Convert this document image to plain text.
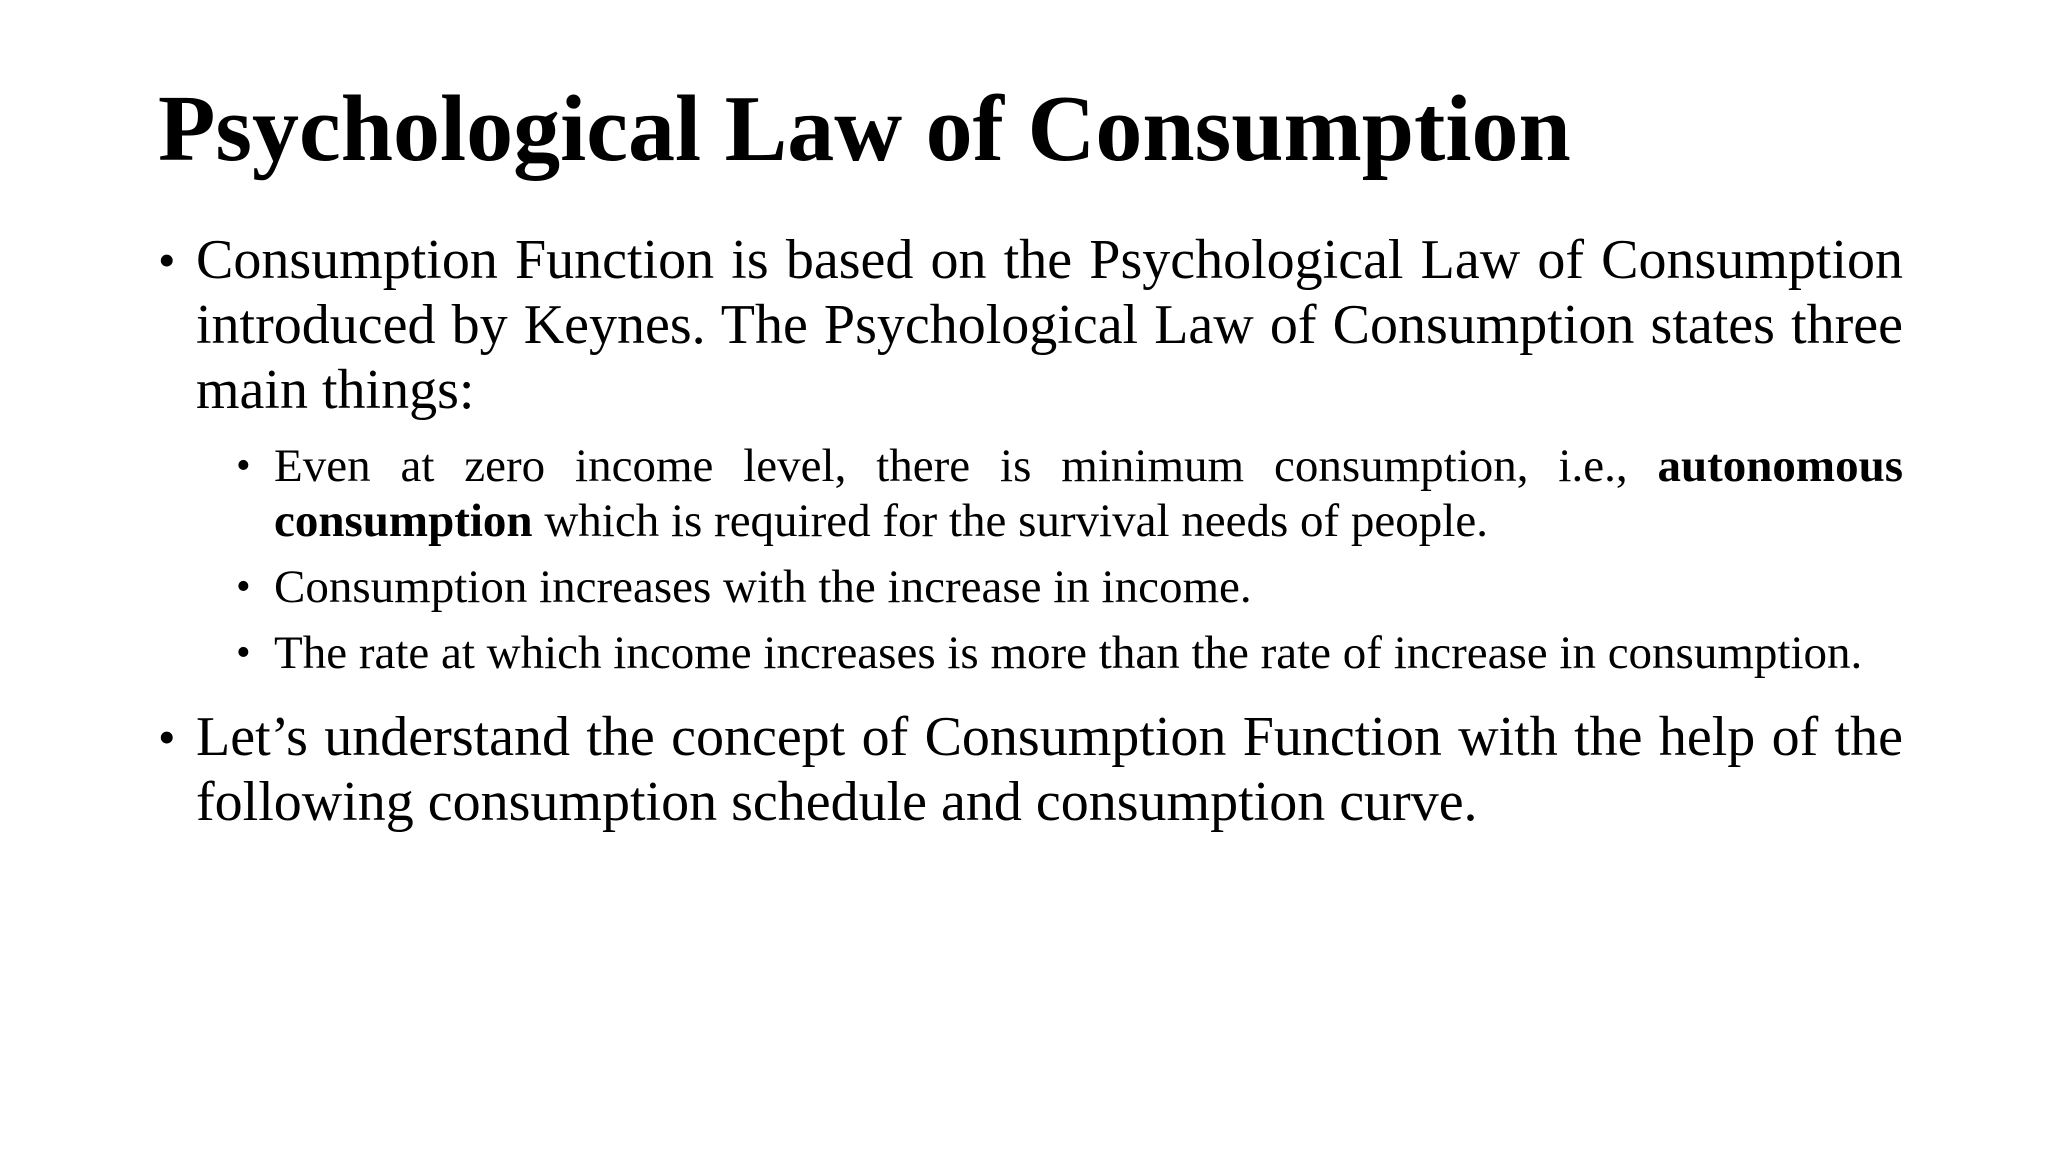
Psychological Law of Consumption
• Consumption Function is based on the Psychological Law of Consumption introduced by Keynes. The Psychological Law of Consumption states three main things:
• Even at zero income level, there is minimum consumption, i.e., autonomous consumption which is required for the survival needs of people.
• Consumption increases with the increase in income.
• The rate at which income increases is more than the rate of increase in consumption.
• Let’s understand the concept of Consumption Function with the help of the following consumption schedule and consumption curve.
